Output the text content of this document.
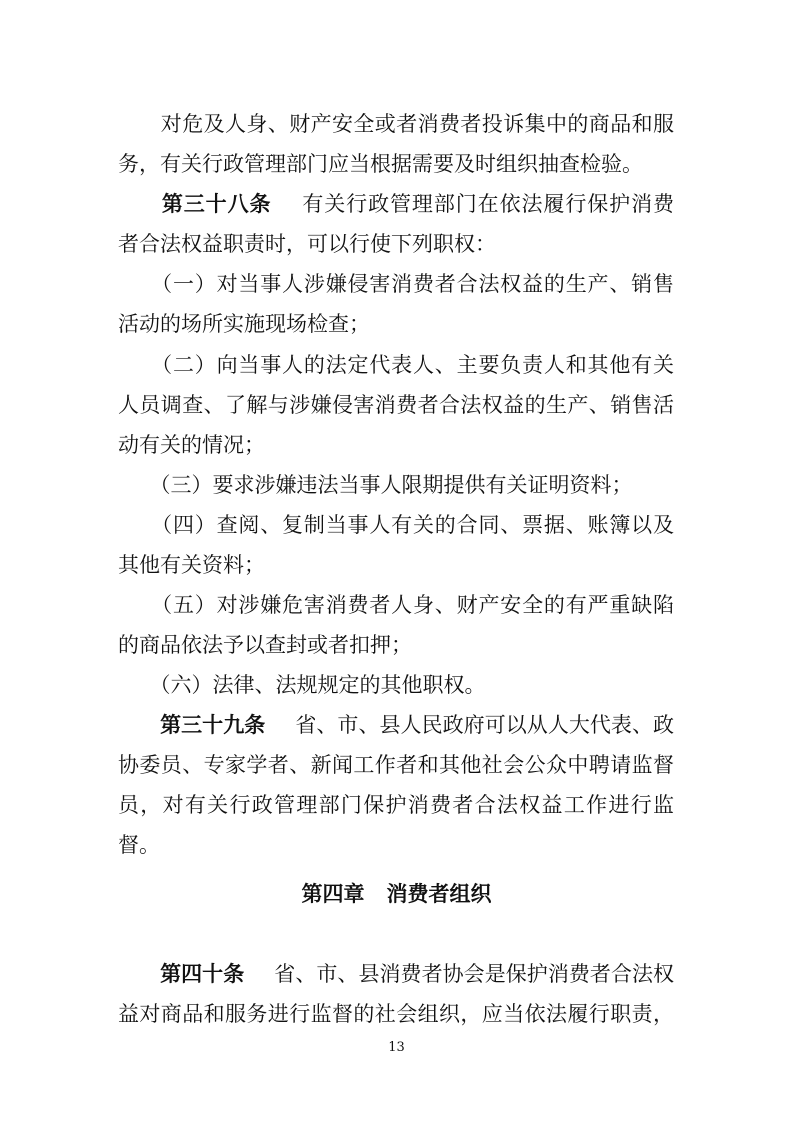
　　对危及人身、财产安全或者消费者投诉集中的商品和服
务，有关行政管理部门应当根据需要及时组织抽查检验。
　　第三十八条 有关行政管理部门在依法履行保护消费
者合法权益职责时，可以行使下列职权：
　　（一）对当事人涉嫌侵害消费者合法权益的生产、销售
活动的场所实施现场检查；
　　（二）向当事人的法定代表人、主要负责人和其他有关
人员调查、了解与涉嫌侵害消费者合法权益的生产、销售活
动有关的情况；
　　（三）要求涉嫌违法当事人限期提供有关证明资料；
　　（四）查阅、复制当事人有关的合同、票据、账簿以及
其他有关资料；
　　（五）对涉嫌危害消费者人身、财产安全的有严重缺陷
的商品依法予以查封或者扣押；
　　（六）法律、法规规定的其他职权。
　　第三十九条 省、市、县人民政府可以从人大代表、政
协委员、专家学者、新闻工作者和其他社会公众中聘请监督
员，对有关行政管理部门保护消费者合法权益工作进行监
督。
　　第四十条 省、市、县消费者协会是保护消费者合法权
益对商品和服务进行监督的社会组织，应当依法履行职责，
第四章 消费者组织
13
